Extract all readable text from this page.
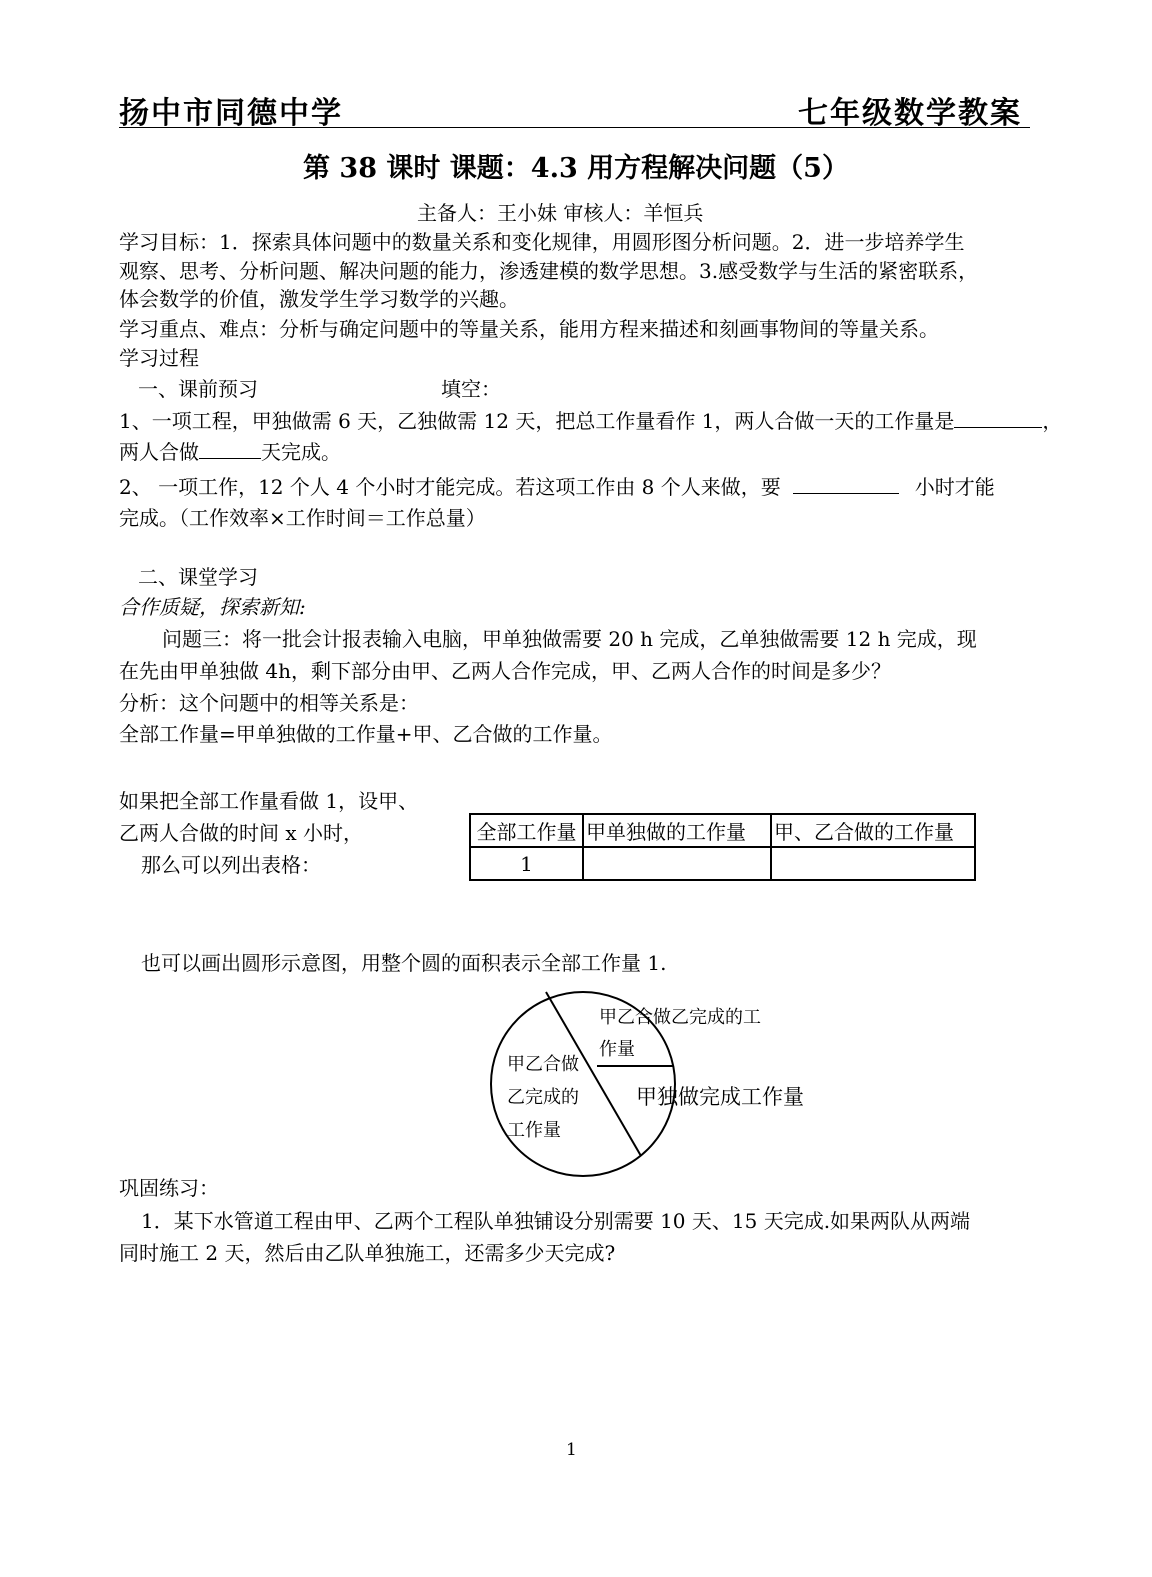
扬中市同德中学	七年级数学教案
第 38 课时 课题：4.3 用方程解决问题（5）
主备人：王小妹 审核人：羊恒兵
学习目标：1．探索具体问题中的数量关系和变化规律，用圆形图分析问题。2．进一步培养学生
观察、思考、分析问题、解决问题的能力，渗透建模的数学思想。3.感受数学与生活的紧密联系，
体会数学的价值，激发学生学习数学的兴趣。
学习重点、难点：分析与确定问题中的等量关系，能用方程来描述和刻画事物间的等量关系。
学习过程
一、课前预习	填空：
1、一项工程，甲独做需 6 天，乙独做需 12 天，把总工作量看作 1，两人合做一天的工作量是	，
两人合做	天完成。
2、 一项工作，12 个人 4 个小时才能完成。若这项工作由 8 个人来做，要	小时才能
完成。（工作效率×工作时间＝工作总量）
二、课堂学习
合作质疑，探索新知:
问题三：将一批会计报表输入电脑，甲单独做需要 20 h 完成，乙单独做需要 12 h 完成，现
在先由甲单独做 4h，剩下部分由甲、乙两人合作完成，甲、乙两人合作的时间是多少？
分析：这个问题中的相等关系是：
全部工作量=甲单独做的工作量+甲、乙合做的工作量。
如果把全部工作量看做 1，设甲、
乙两人合做的时间 x 小时，
那么可以列出表格：
全部工作量	甲单独做的工作量	甲、乙合做的工作量
1		
也可以画出圆形示意图，用整个圆的面积表示全部工作量 1.
甲乙合做乙完成的工
作量
甲乙合做
乙完成的
工作量
甲独做完成工作量
巩固练习：
1．某下水管道工程由甲、乙两个工程队单独铺设分别需要 10 天、15 天完成.如果两队从两端
同时施工 2 天，然后由乙队单独施工，还需多少天完成?
1
